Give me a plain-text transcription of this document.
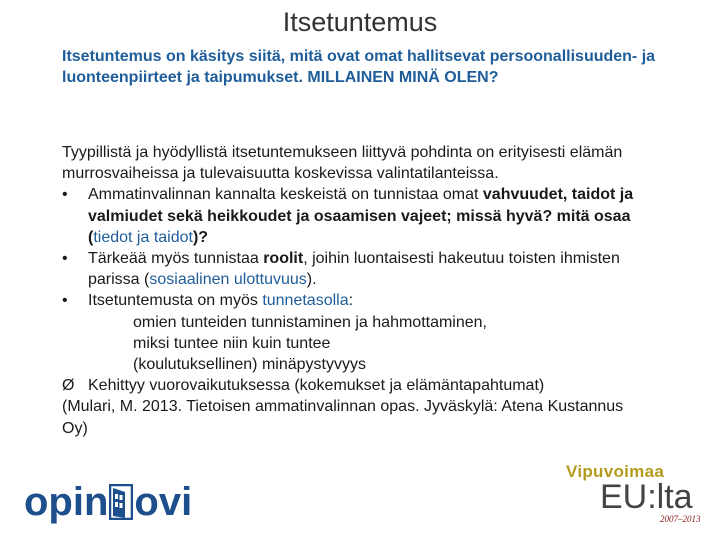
Itsetuntemus
Itsetuntemus on käsitys siitä, mitä ovat omat hallitsevat persoonallisuuden- ja luonteenpiirteet ja taipumukset. MILLAINEN MINÄ OLEN?

Tyypillistä ja hyödyllistä itsetuntemukseen liittyvä pohdinta on erityisesti elämän murrosvaiheissa ja tulevaisuutta koskevissa valintatilanteissa.

•	Ammatinvalinnan kannalta keskeistä on tunnistaa omat vahvuudet, taidot ja valmiudet sekä heikkoudet ja osaamisen vajeet; missä hyvä? mitä osaa (tiedot ja taidot)?

•	Tärkeää myös tunnistaa roolit, joihin luontaisesti hakeutuu toisten ihmisten parissa (sosiaalinen ulottuvuus).

•	Itsetuntemusta on myös tunnetasolla:

omien tunteiden tunnistaminen ja hahmottaminen,

miksi tuntee niin kuin tuntee

(koulutuksellinen) minäpystyvyys

Ø Kehittyy vuorovaikutuksessa (kokemukset ja elämäntapahtumat)

(Mulari, M. 2013. Tietoisen ammatinvalinnan opas. Jyväskylä: Atena Kustannus Oy)

opin ovi
Vipuvoimaa
EU:lta
2007–2013
